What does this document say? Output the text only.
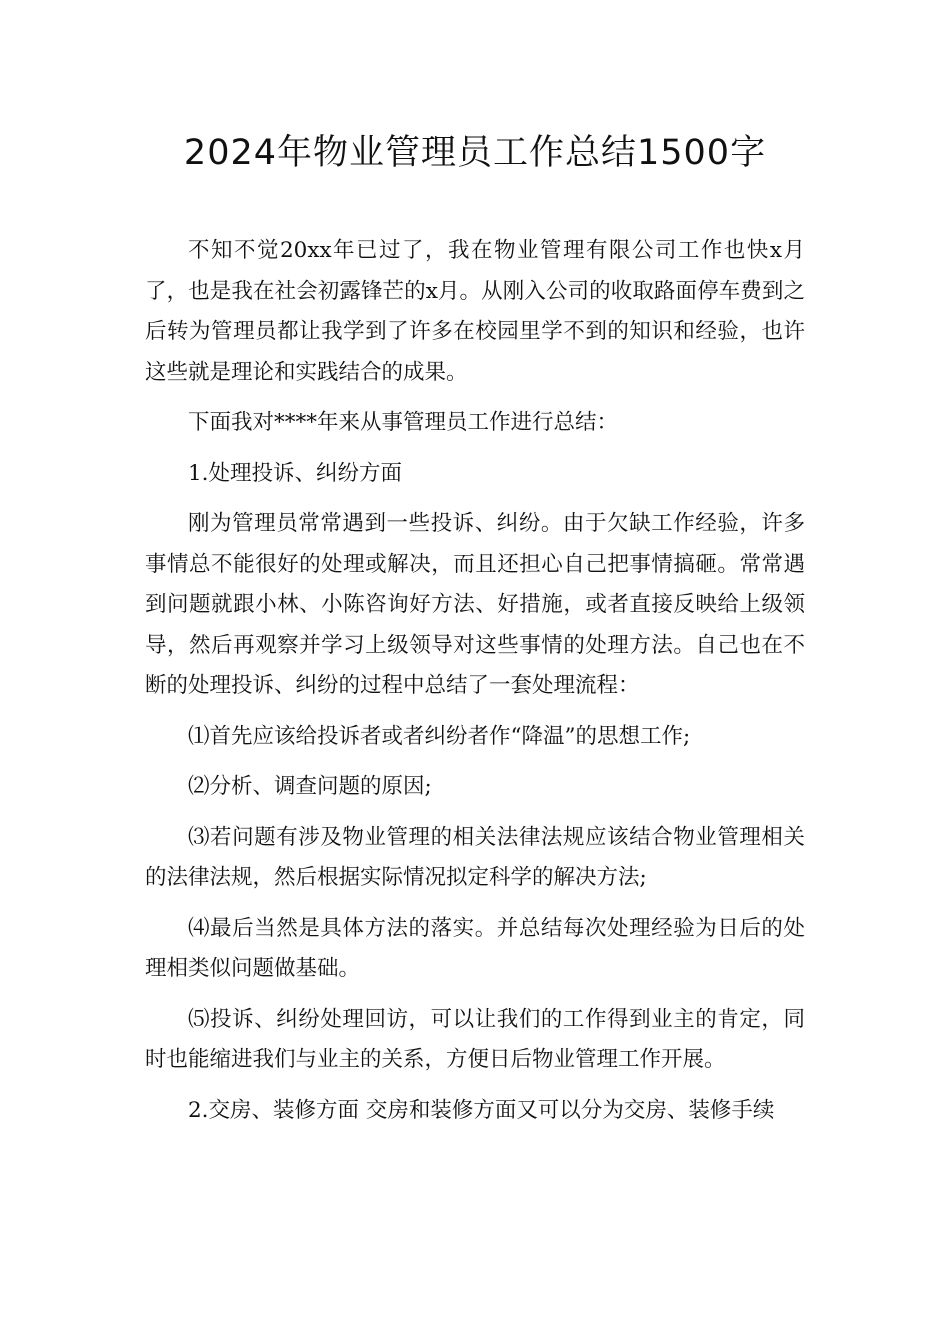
2024年物业管理员工作总结1500字

不知不觉20xx年已过了，我在物业管理有限公司工作也快x月了，也是我在社会初露锋芒的x月。从刚入公司的收取路面停车费到之后转为管理员都让我学到了许多在校园里学不到的知识和经验，也许这些就是理论和实践结合的成果。

下面我对****年来从事管理员工作进行总结：

1.处理投诉、纠纷方面

刚为管理员常常遇到一些投诉、纠纷。由于欠缺工作经验，许多事情总不能很好的处理或解决，而且还担心自己把事情搞砸。常常遇到问题就跟小林、小陈咨询好方法、好措施，或者直接反映给上级领导，然后再观察并学习上级领导对这些事情的处理方法。自己也在不断的处理投诉、纠纷的过程中总结了一套处理流程：

⑴首先应该给投诉者或者纠纷者作“降温”的思想工作;

⑵分析、调查问题的原因;

⑶若问题有涉及物业管理的相关法律法规应该结合物业管理相关的法律法规，然后根据实际情况拟定科学的解决方法;

⑷最后当然是具体方法的落实。并总结每次处理经验为日后的处理相类似问题做基础。

⑸投诉、纠纷处理回访，可以让我们的工作得到业主的肯定，同时也能缩进我们与业主的关系，方便日后物业管理工作开展。

2.交房、装修方面 交房和装修方面又可以分为交房、装修手续
